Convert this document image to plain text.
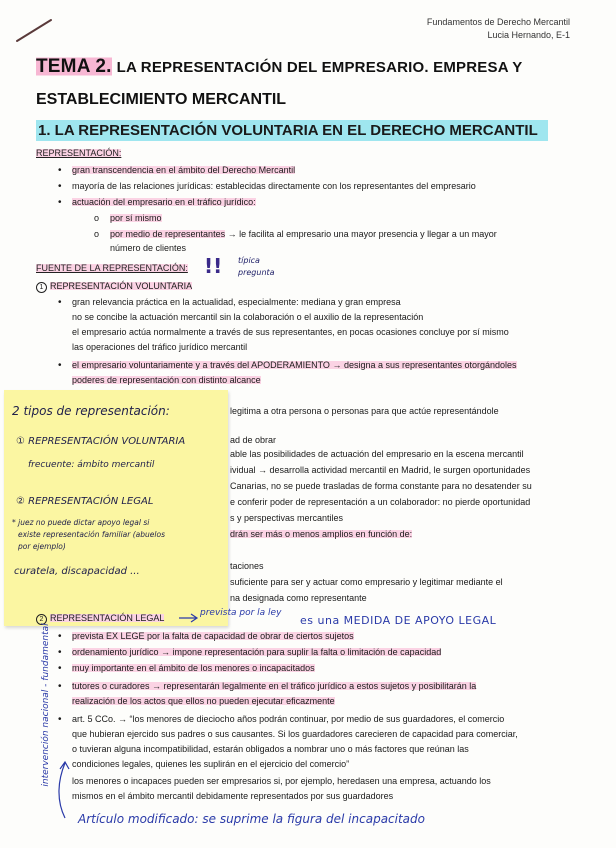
Fundamentos de Derecho Mercantil
Lucia Hernando, E-1
TEMA 2. LA REPRESENTACIÓN DEL EMPRESARIO. EMPRESA Y
ESTABLECIMIENTO MERCANTIL
1. LA REPRESENTACIÓN VOLUNTARIA EN EL DERECHO MERCANTIL
REPRESENTACIÓN:
• gran transcendencia en el ámbito del Derecho Mercantil
• mayoría de las relaciones jurídicas: establecidas directamente con los representantes del empresario
• actuación del empresario en el tráfico jurídico:
o por sí mismo
o por medio de representantes → le facilita al empresario una mayor presencia y llegar a un mayor
número de clientes
FUENTE DE LA REPRESENTACIÓN: !! típica
pregunta
1 REPRESENTACIÓN VOLUNTARIA
• gran relevancia práctica en la actualidad, especialmente: mediana y gran empresa
no se concibe la actuación mercantil sin la colaboración o el auxilio de la representación
el empresario actúa normalmente a través de sus representantes, en pocas ocasiones concluye por sí mismo
las operaciones del tráfico jurídico mercantil
• el empresario voluntariamente y a través del APODERAMIENTO → designa a sus representantes otorgándoles
poderes de representación con distinto alcance
legitima a otra persona o personas para que actúe representándole
ad de obrar
able las posibilidades de actuación del empresario en la escena mercantil
ividual → desarrolla actividad mercantil en Madrid, le surgen oportunidades
Canarias, no se puede trasladas de forma constante para no desatender su
e conferir poder de representación a un colaborador: no pierde oportunidad
s y perspectivas mercantiles
drán ser más o menos amplios en función de:
taciones
suficiente para ser y actuar como empresario y legitimar mediante el
na designada como representante
2 tipos de representación:
① REPRESENTACIÓN VOLUNTARIA
frecuente: ámbito mercantil
② REPRESENTACIÓN LEGAL
* juez no puede dictar apoyo legal si
existe representación familiar (abuelos
por ejemplo)
curatela, discapacidad ...
2 REPRESENTACIÓN LEGAL	prevista por la ley
es una MEDIDA DE APOYO LEGAL
• prevista EX LEGE por la falta de capacidad de obrar de ciertos sujetos
• ordenamiento jurídico → impone representación para suplir la falta o limitación de capacidad
• muy importante en el ámbito de los menores o incapacitados
• tutores o curadores → representarán legalmente en el tráfico jurídico a estos sujetos y posibilitarán la
realización de los actos que ellos no pueden ejecutar eficazmente
• art. 5 CCo. → “los menores de dieciocho años podrán continuar, por medio de sus guardadores, el comercio
que hubieran ejercido sus padres o sus causantes. Si los guardadores carecieren de capacidad para comerciar,
o tuvieran alguna incompatibilidad, estarán obligados a nombrar uno o más factores que reúnan las
condiciones legales, quienes les suplirán en el ejercicio del comercio”
los menores o incapaces pueden ser empresarios si, por ejemplo, heredasen una empresa, actuando los
mismos en el ámbito mercantil debidamente representados por sus guardadores
Artículo modificado: se suprime la figura del incapacitado
intervención nacional - fundamental
